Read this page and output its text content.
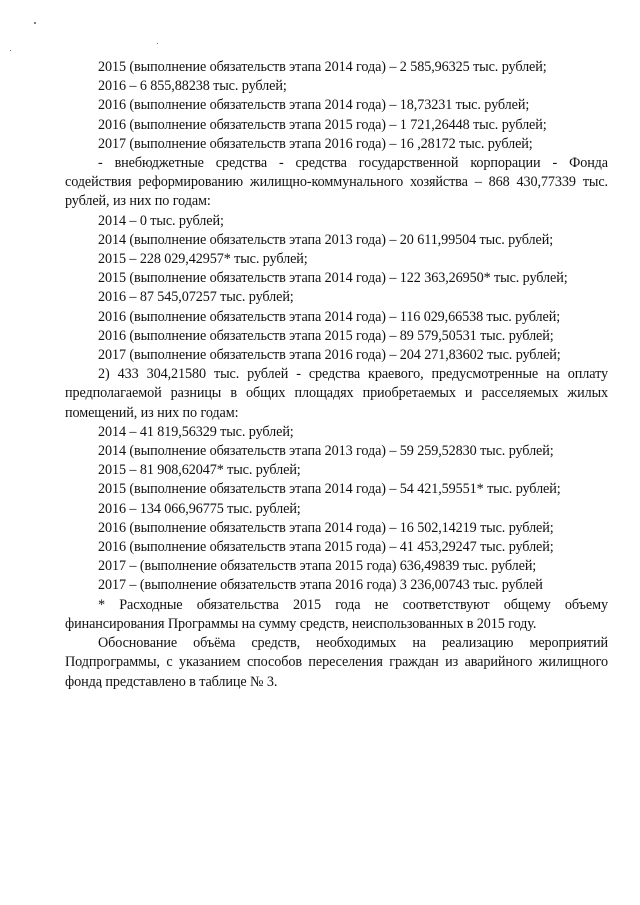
2015 (выполнение обязательств этапа 2014 года) – 2 585,96325 тыс. рублей;
2016 – 6 855,88238 тыс. рублей;
2016 (выполнение обязательств этапа 2014 года) – 18,73231 тыс. рублей;
2016 (выполнение обязательств этапа 2015 года) – 1 721,26448 тыс. рублей;
2017 (выполнение обязательств этапа 2016 года) – 16 ,28172 тыс. рублей;
- внебюджетные средства - средства государственной корпорации - Фонда содействия реформированию жилищно-коммунального хозяйства – 868 430,77339 тыс. рублей, из них по годам:
2014 – 0 тыс. рублей;
2014 (выполнение обязательств этапа 2013 года) – 20 611,99504 тыс. рублей;
2015 – 228 029,42957* тыс. рублей;
2015 (выполнение обязательств этапа 2014 года) – 122 363,26950* тыс. рублей;
2016 – 87 545,07257 тыс. рублей;
2016 (выполнение обязательств этапа 2014 года) – 116 029,66538 тыс. рублей;
2016 (выполнение обязательств этапа 2015 года) – 89 579,50531 тыс. рублей;
2017 (выполнение обязательств этапа 2016 года) – 204 271,83602 тыс. рублей;
2) 433 304,21580 тыс. рублей - средства краевого, предусмотренные на оплату предполагаемой разницы в общих площадях приобретаемых и расселяемых жилых помещений, из них по годам:
2014 – 41 819,56329 тыс. рублей;
2014 (выполнение обязательств этапа 2013 года) – 59 259,52830 тыс. рублей;
2015 – 81 908,62047* тыс. рублей;
2015 (выполнение обязательств этапа 2014 года) – 54 421,59551* тыс. рублей;
2016 – 134 066,96775 тыс. рублей;
2016 (выполнение обязательств этапа 2014 года) – 16 502,14219 тыс. рублей;
2016 (выполнение обязательств этапа 2015 года) – 41 453,29247 тыс. рублей;
2017 – (выполнение обязательств этапа 2015 года) 636,49839 тыс. рублей;
2017 – (выполнение обязательств этапа 2016 года) 3 236,00743 тыс. рублей
* Расходные обязательства 2015 года не соответствуют общему объему финансирования Программы на сумму средств, неиспользованных в 2015 году.
Обоснование объёма средств, необходимых на реализацию мероприятий Подпрограммы, с указанием способов переселения граждан из аварийного жилищного фонда представлено в таблице № 3.
